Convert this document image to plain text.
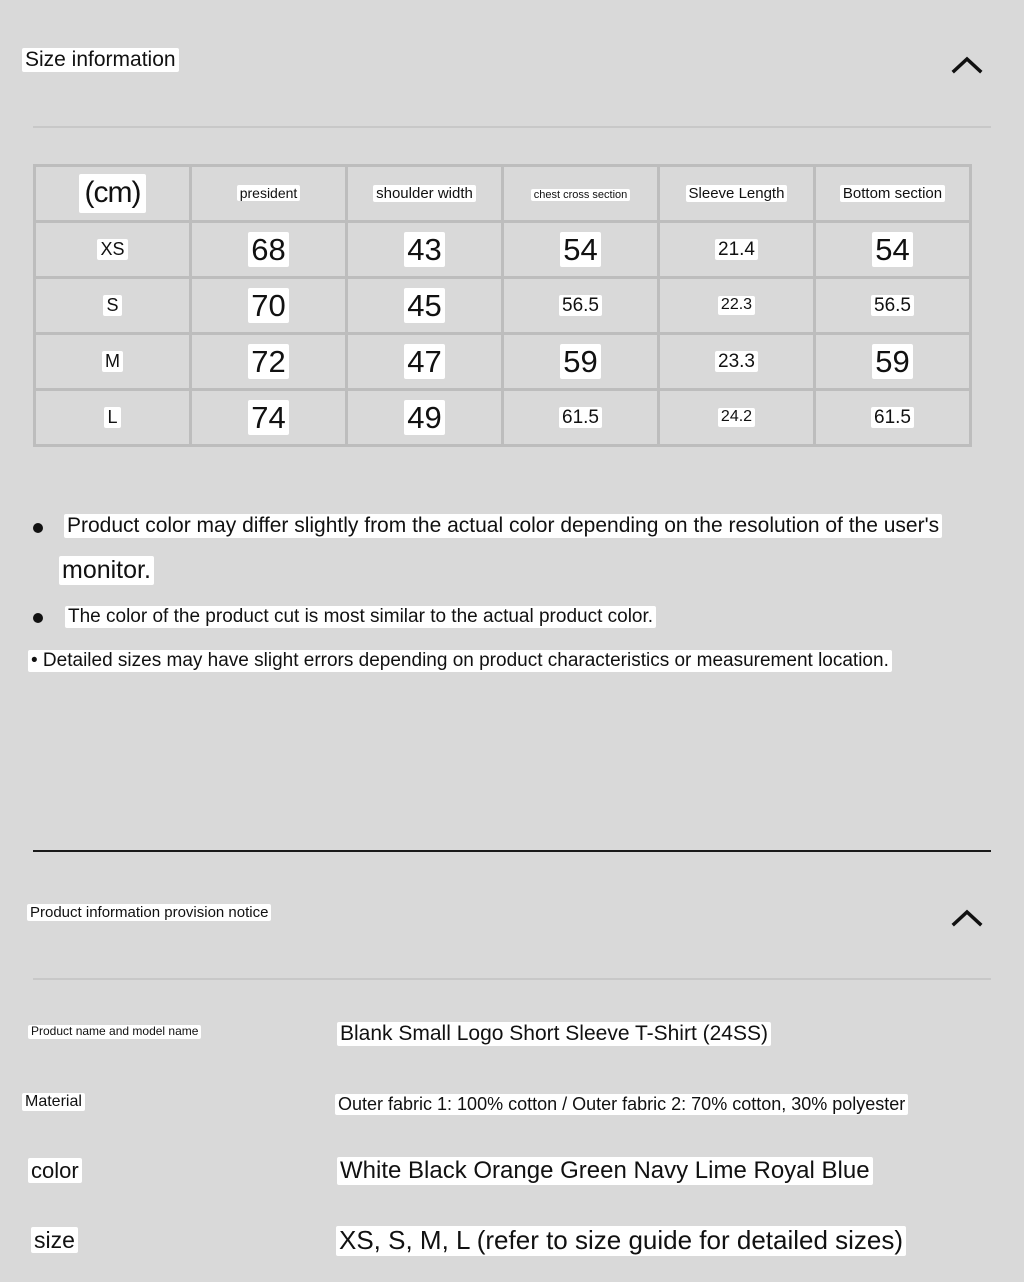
Size information
(cm)	president	shoulder width	chest cross section	Sleeve Length	Bottom section
XS	68	43	54	21.4	54
S	70	45	56.5	22.3	56.5
M	72	47	59	23.3	59
L	74	49	61.5	24.2	61.5
Product color may differ slightly from the actual color depending on the resolution of the user's
monitor.
The color of the product cut is most similar to the actual product color.
• Detailed sizes may have slight errors depending on product characteristics or measurement location.
Product information provision notice
Product name and model name	Blank Small Logo Short Sleeve T-Shirt (24SS)
Material	Outer fabric 1: 100% cotton / Outer fabric 2: 70% cotton, 30% polyester
color	White Black Orange Green Navy Lime Royal Blue
size	XS, S, M, L (refer to size guide for detailed sizes)
